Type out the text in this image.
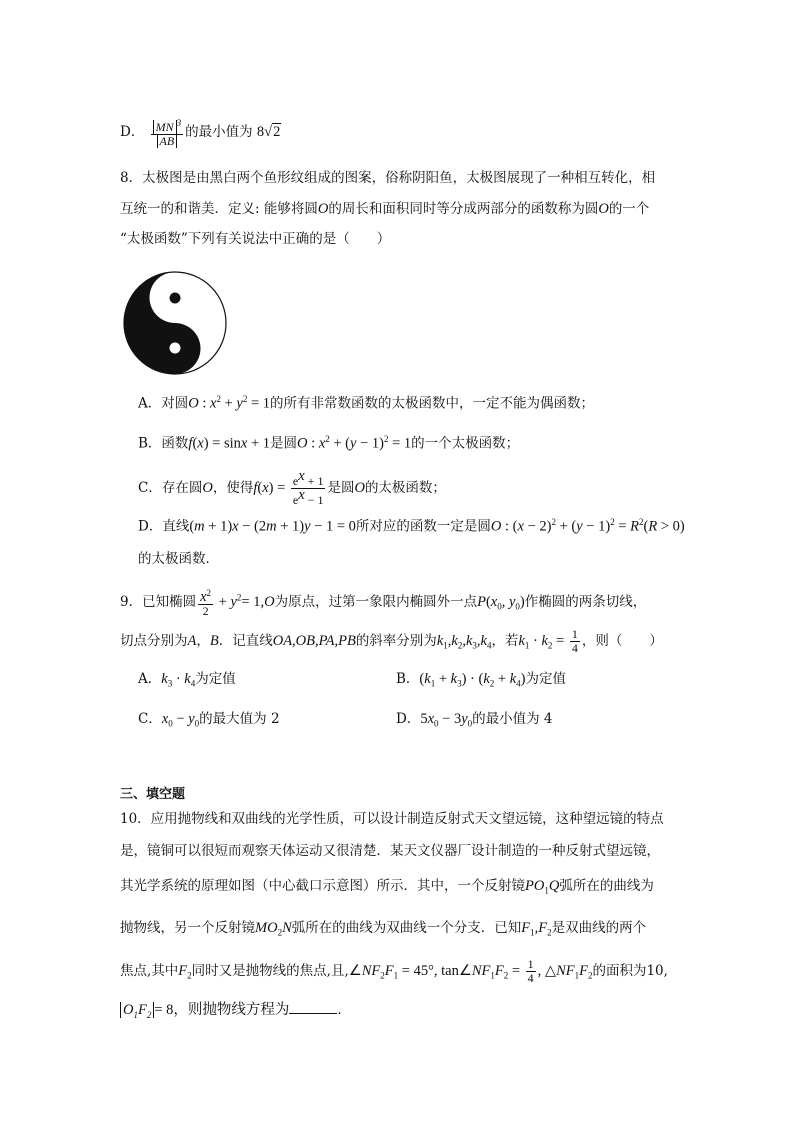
D． $\frac{MN ^3}{AB}$ 的最小值为 8√2
8．太极图是由黑白两个鱼形纹组成的图案，俗称阴阳鱼，太极图展现了一种相互转化，相
互统一的和谐美．定义: 能够将圆O的周长和面积同时等分成两部分的函数称为圆O的一个
“太极函数”下列有关说法中正确的是（　　）
A．对圆O : $x^2 + y^2 = 1$的所有非常数函数的太极函数中，一定不能为偶函数；
B．函数f(x) = sinx + 1是圆O : $x^2 + (y - 1)^2 = 1$的一个太极函数；
C．存在圆O，使得$f(x) = \frac{e^x + 1}{e^x - 1}$ 是圆O的太极函数；
D．直线(m + 1)x − (2m + 1)y − 1 = 0所对应的函数一定是圆O : $(x - 2)^2 + (y - 1)^2 = R^2(R > 0)$
的太极函数．
9．已知椭圆 $\frac{x^2}{2} + y^2= 1,O$为原点，过第一象限内椭圆外一点$P(x_0$, $y_0$)作椭圆的两条切线，
切点分别为A，B．记直线OA,OB,PA,PB的斜率分别为$k_1,k_2,k_3,k_4$，若$k_1 \cdot k_2 = \frac{1}{4}$ ，则（　　）
A．$k_3 \cdot k_4$为定值	B．$(k_1 + k_3) \cdot (k_2 + k_4)$为定值
C．$x_0 - y_0$的最大值为 2	D．$5x_0 - 3y_0$的最小值为 4
三、填空题
10．应用抛物线和双曲线的光学性质，可以设计制造反射式天文望远镜，这种望远镜的特点
是，镜铜可以很短而观察天体运动又很清楚．某天文仪器厂设计制造的一种反射式望远镜，
其光学系统的原理如图（中心截口示意图）所示．其中，一个反射镜$PO_1Q$弧所在的曲线为
抛物线，另一个反射镜$MO_2N$弧所在的曲线为双曲线一个分支．已知$F_1,F_2$是双曲线的两个
焦点,其中$F_2$同时又是抛物线的焦点,且$,\angle NF_2F_1 = 45^\circ$, $\tan\angle NF_1F_2 = \frac{1}{4}$ , $\triangle NF_1F_2$的面积为10,
$O_1F_2 = 8$，则抛物线方程为	．
